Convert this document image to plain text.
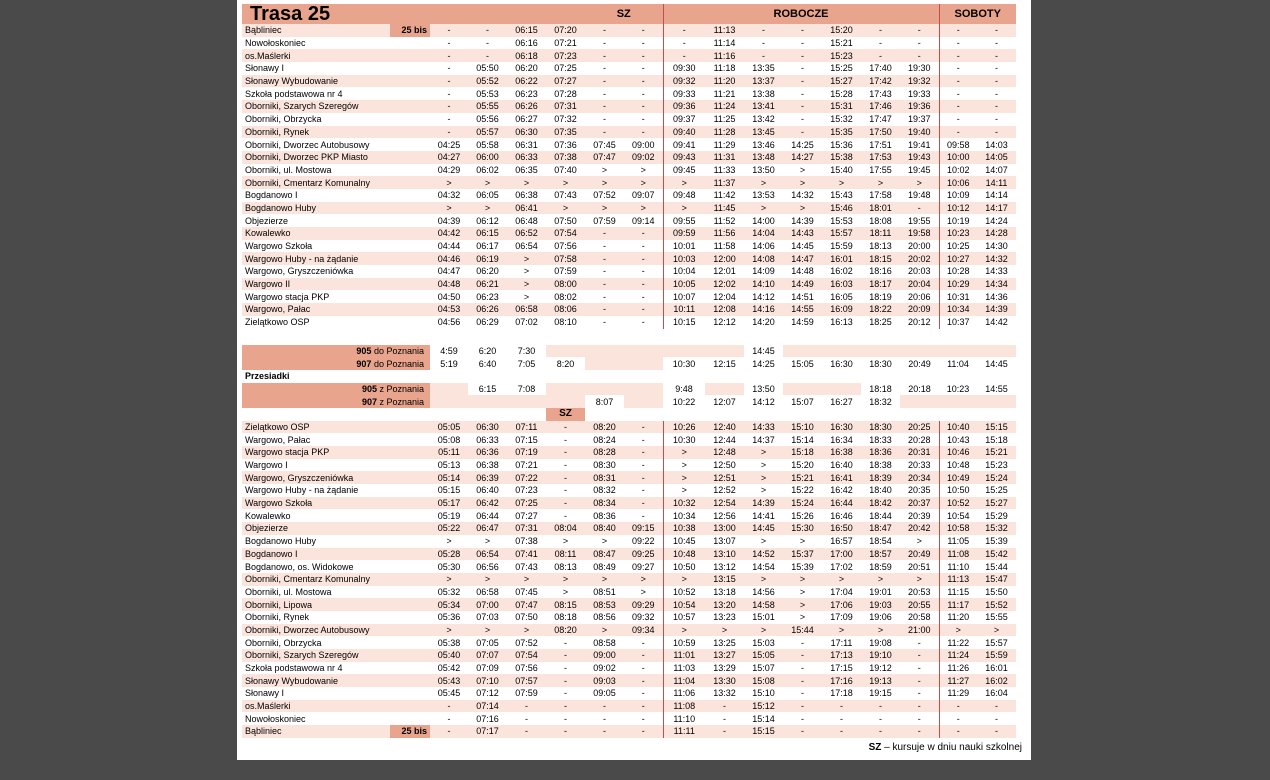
Trasa 25						SZ		ROBOCZE							SOBOTY	
Bąbliniec	25 bis	-	-	06:15	07:20	-	-	-	11:13	-	-	15:20	-	-	-	-
Nowołoskoniec		-	-	06:16	07:21	-	-	-	11:14	-	-	15:21	-	-	-	-
os.Maślerki		-	-	06:18	07:23	-	-	-	11:16	-	-	15:23	-	-	-	-
Słonawy I		-	05:50	06:20	07:25	-	-	09:30	11:18	13:35	-	15:25	17:40	19:30	-	-
Słonawy Wybudowanie		-	05:52	06:22	07:27	-	-	09:32	11:20	13:37	-	15:27	17:42	19:32	-	-
Szkoła podstawowa nr 4		-	05:53	06:23	07:28	-	-	09:33	11:21	13:38	-	15:28	17:43	19:33	-	-
Oborniki, Szarych Szeregów		-	05:55	06:26	07:31	-	-	09:36	11:24	13:41	-	15:31	17:46	19:36	-	-
Oborniki, Obrzycka		-	05:56	06:27	07:32	-	-	09:37	11:25	13:42	-	15:32	17:47	19:37	-	-
Oborniki, Rynek		-	05:57	06:30	07:35	-	-	09:40	11:28	13:45	-	15:35	17:50	19:40	-	-
Oborniki, Dworzec Autobusowy		04:25	05:58	06:31	07:36	07:45	09:00	09:41	11:29	13:46	14:25	15:36	17:51	19:41	09:58	14:03
Oborniki, Dworzec PKP Miasto		04:27	06:00	06:33	07:38	07:47	09:02	09:43	11:31	13:48	14:27	15:38	17:53	19:43	10:00	14:05
Oborniki, ul. Mostowa		04:29	06:02	06:35	07:40	>	>	09:45	11:33	13:50	>	15:40	17:55	19:45	10:02	14:07
Oborniki, Cmentarz Komunalny		>	>	>	>	>	>	>	11:37	>	>	>	>	>	10:06	14:11
Bogdanowo I		04:32	06:05	06:38	07:43	07:52	09:07	09:48	11:42	13:53	14:32	15:43	17:58	19:48	10:09	14:14
Bogdanowo Huby		>	>	06:41	>	>	>	>	11:45	>	>	15:46	18:01	-	10:12	14:17
Objezierze		04:39	06:12	06:48	07:50	07:59	09:14	09:55	11:52	14:00	14:39	15:53	18:08	19:55	10:19	14:24
Kowalewko		04:42	06:15	06:52	07:54	-	-	09:59	11:56	14:04	14:43	15:57	18:11	19:58	10:23	14:28
Wargowo Szkoła		04:44	06:17	06:54	07:56	-	-	10:01	11:58	14:06	14:45	15:59	18:13	20:00	10:25	14:30
Wargowo Huby - na żądanie		04:46	06:19	>	07:58	-	-	10:03	12:00	14:08	14:47	16:01	18:15	20:02	10:27	14:32
Wargowo, Gryszczeniówka		04:47	06:20	>	07:59	-	-	10:04	12:01	14:09	14:48	16:02	18:16	20:03	10:28	14:33
Wargowo II		04:48	06:21	>	08:00	-	-	10:05	12:02	14:10	14:49	16:03	18:17	20:04	10:29	14:34
Wargowo stacja PKP		04:50	06:23	>	08:02	-	-	10:07	12:04	14:12	14:51	16:05	18:19	20:06	10:31	14:36
Wargowo, Pałac		04:53	06:26	06:58	08:06	-	-	10:11	12:08	14:16	14:55	16:09	18:22	20:09	10:34	14:39
Zielątkowo OSP		04:56	06:29	07:02	08:10	-	-	10:15	12:12	14:20	14:59	16:13	18:25	20:12	10:37	14:42

905 do Poznania		4:59	6:20	7:30						14:45						
907 do Poznania		5:19	6:40	7:05	8:20			10:30	12:15	14:25	15:05	16:30	18:30	20:49	11:04	14:45
Przesiadki																
905 z Poznania			6:15	7:08				9:48		13:50			18:18	20:18	10:23	14:55
907 z Poznania						8:07		10:22	12:07	14:12	15:07	16:27	18:32			
					SZ											
Zielątkowo OSP		05:05	06:30	07:11	-	08:20	-	10:26	12:40	14:33	15:10	16:30	18:30	20:25	10:40	15:15
Wargowo, Pałac		05:08	06:33	07:15	-	08:24	-	10:30	12:44	14:37	15:14	16:34	18:33	20:28	10:43	15:18
Wargowo stacja PKP		05:11	06:36	07:19	-	08:28	-	>	12:48	>	15:18	16:38	18:36	20:31	10:46	15:21
Wargowo I		05:13	06:38	07:21	-	08:30	-	>	12:50	>	15:20	16:40	18:38	20:33	10:48	15:23
Wargowo, Gryszczeniówka		05:14	06:39	07:22	-	08:31	-	>	12:51	>	15:21	16:41	18:39	20:34	10:49	15:24
Wargowo Huby - na żądanie		05:15	06:40	07:23	-	08:32	-	>	12:52	>	15:22	16:42	18:40	20:35	10:50	15:25
Wargowo Szkoła		05:17	06:42	07:25	-	08:34	-	10:32	12:54	14:39	15:24	16:44	18:42	20:37	10:52	15:27
Kowalewko		05:19	06:44	07:27	-	08:36	-	10:34	12:56	14:41	15:26	16:46	18:44	20:39	10:54	15:29
Objezierze		05:22	06:47	07:31	08:04	08:40	09:15	10:38	13:00	14:45	15:30	16:50	18:47	20:42	10:58	15:32
Bogdanowo Huby		>	>	07:38	>	>	09:22	10:45	13:07	>	>	16:57	18:54	>	11:05	15:39
Bogdanowo I		05:28	06:54	07:41	08:11	08:47	09:25	10:48	13:10	14:52	15:37	17:00	18:57	20:49	11:08	15:42
Bogdanowo, os. Widokowe		05:30	06:56	07:43	08:13	08:49	09:27	10:50	13:12	14:54	15:39	17:02	18:59	20:51	11:10	15:44
Oborniki, Cmentarz Komunalny		>	>	>	>	>	>	>	13:15	>	>	>	>	>	11:13	15:47
Oborniki, ul. Mostowa		05:32	06:58	07:45	>	08:51	>	10:52	13:18	14:56	>	17:04	19:01	20:53	11:15	15:50
Oborniki, Lipowa		05:34	07:00	07:47	08:15	08:53	09:29	10:54	13:20	14:58	>	17:06	19:03	20:55	11:17	15:52
Oborniki, Rynek		05:36	07:03	07:50	08:18	08:56	09:32	10:57	13:23	15:01	>	17:09	19:06	20:58	11:20	15:55
Oborniki, Dworzec Autobusowy		>	>	>	08:20	>	09:34	>	>	>	15:44	>	>	21:00	>	>
Oborniki, Obrzycka		05:38	07:05	07:52	-	08:58	-	10:59	13:25	15:03	-	17:11	19:08	-	11:22	15:57
Oborniki, Szarych Szeregów		05:40	07:07	07:54	-	09:00	-	11:01	13:27	15:05	-	17:13	19:10	-	11:24	15:59
Szkoła podstawowa nr 4		05:42	07:09	07:56	-	09:02	-	11:03	13:29	15:07	-	17:15	19:12	-	11:26	16:01
Słonawy Wybudowanie		05:43	07:10	07:57	-	09:03	-	11:04	13:30	15:08	-	17:16	19:13	-	11:27	16:02
Słonawy I		05:45	07:12	07:59	-	09:05	-	11:06	13:32	15:10	-	17:18	19:15	-	11:29	16:04
os.Maślerki		-	07:14	-	-	-	-	11:08	-	15:12	-	-	-	-	-	-
Nowołoskoniec		-	07:16	-	-	-	-	11:10	-	15:14	-	-	-	-	-	-
Bąbliniec	25 bis	-	07:17	-	-	-	-	11:11	-	15:15	-	-	-	-	-	-
SZ – kursuje w dniu nauki szkolnej
